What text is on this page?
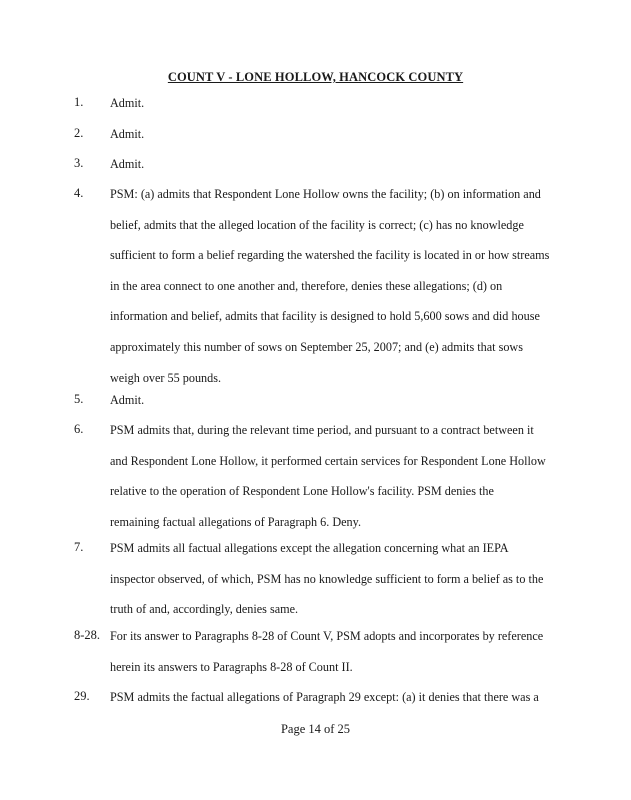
COUNT V - LONE HOLLOW, HANCOCK COUNTY
1. Admit.
2. Admit.
3. Admit.
4. PSM: (a) admits that Respondent Lone Hollow owns the facility; (b) on information and
belief, admits that the alleged location of the facility is correct; (c) has no knowledge
sufficient to form a belief regarding the watershed the facility is located in or how streams
in the area connect to one another and, therefore, denies these allegations; (d) on
information and belief, admits that facility is designed to hold 5,600 sows and did house
approximately this number of sows on September 25, 2007; and (e) admits that sows
weigh over 55 pounds.
5. Admit.
6. PSM admits that, during the relevant time period, and pursuant to a contract between it
and Respondent Lone Hollow, it performed certain services for Respondent Lone Hollow
relative to the operation of Respondent Lone Hollow's facility. PSM denies the
remaining factual allegations of Paragraph 6. Deny.
7. PSM admits all factual allegations except the allegation concerning what an IEPA
inspector observed, of which, PSM has no knowledge sufficient to form a belief as to the
truth of and, accordingly, denies same.
8-28. For its answer to Paragraphs 8-28 of Count V, PSM adopts and incorporates by reference
herein its answers to Paragraphs 8-28 of Count II.
29. PSM admits the factual allegations of Paragraph 29 except: (a) it denies that there was a
Page 14 of 25
